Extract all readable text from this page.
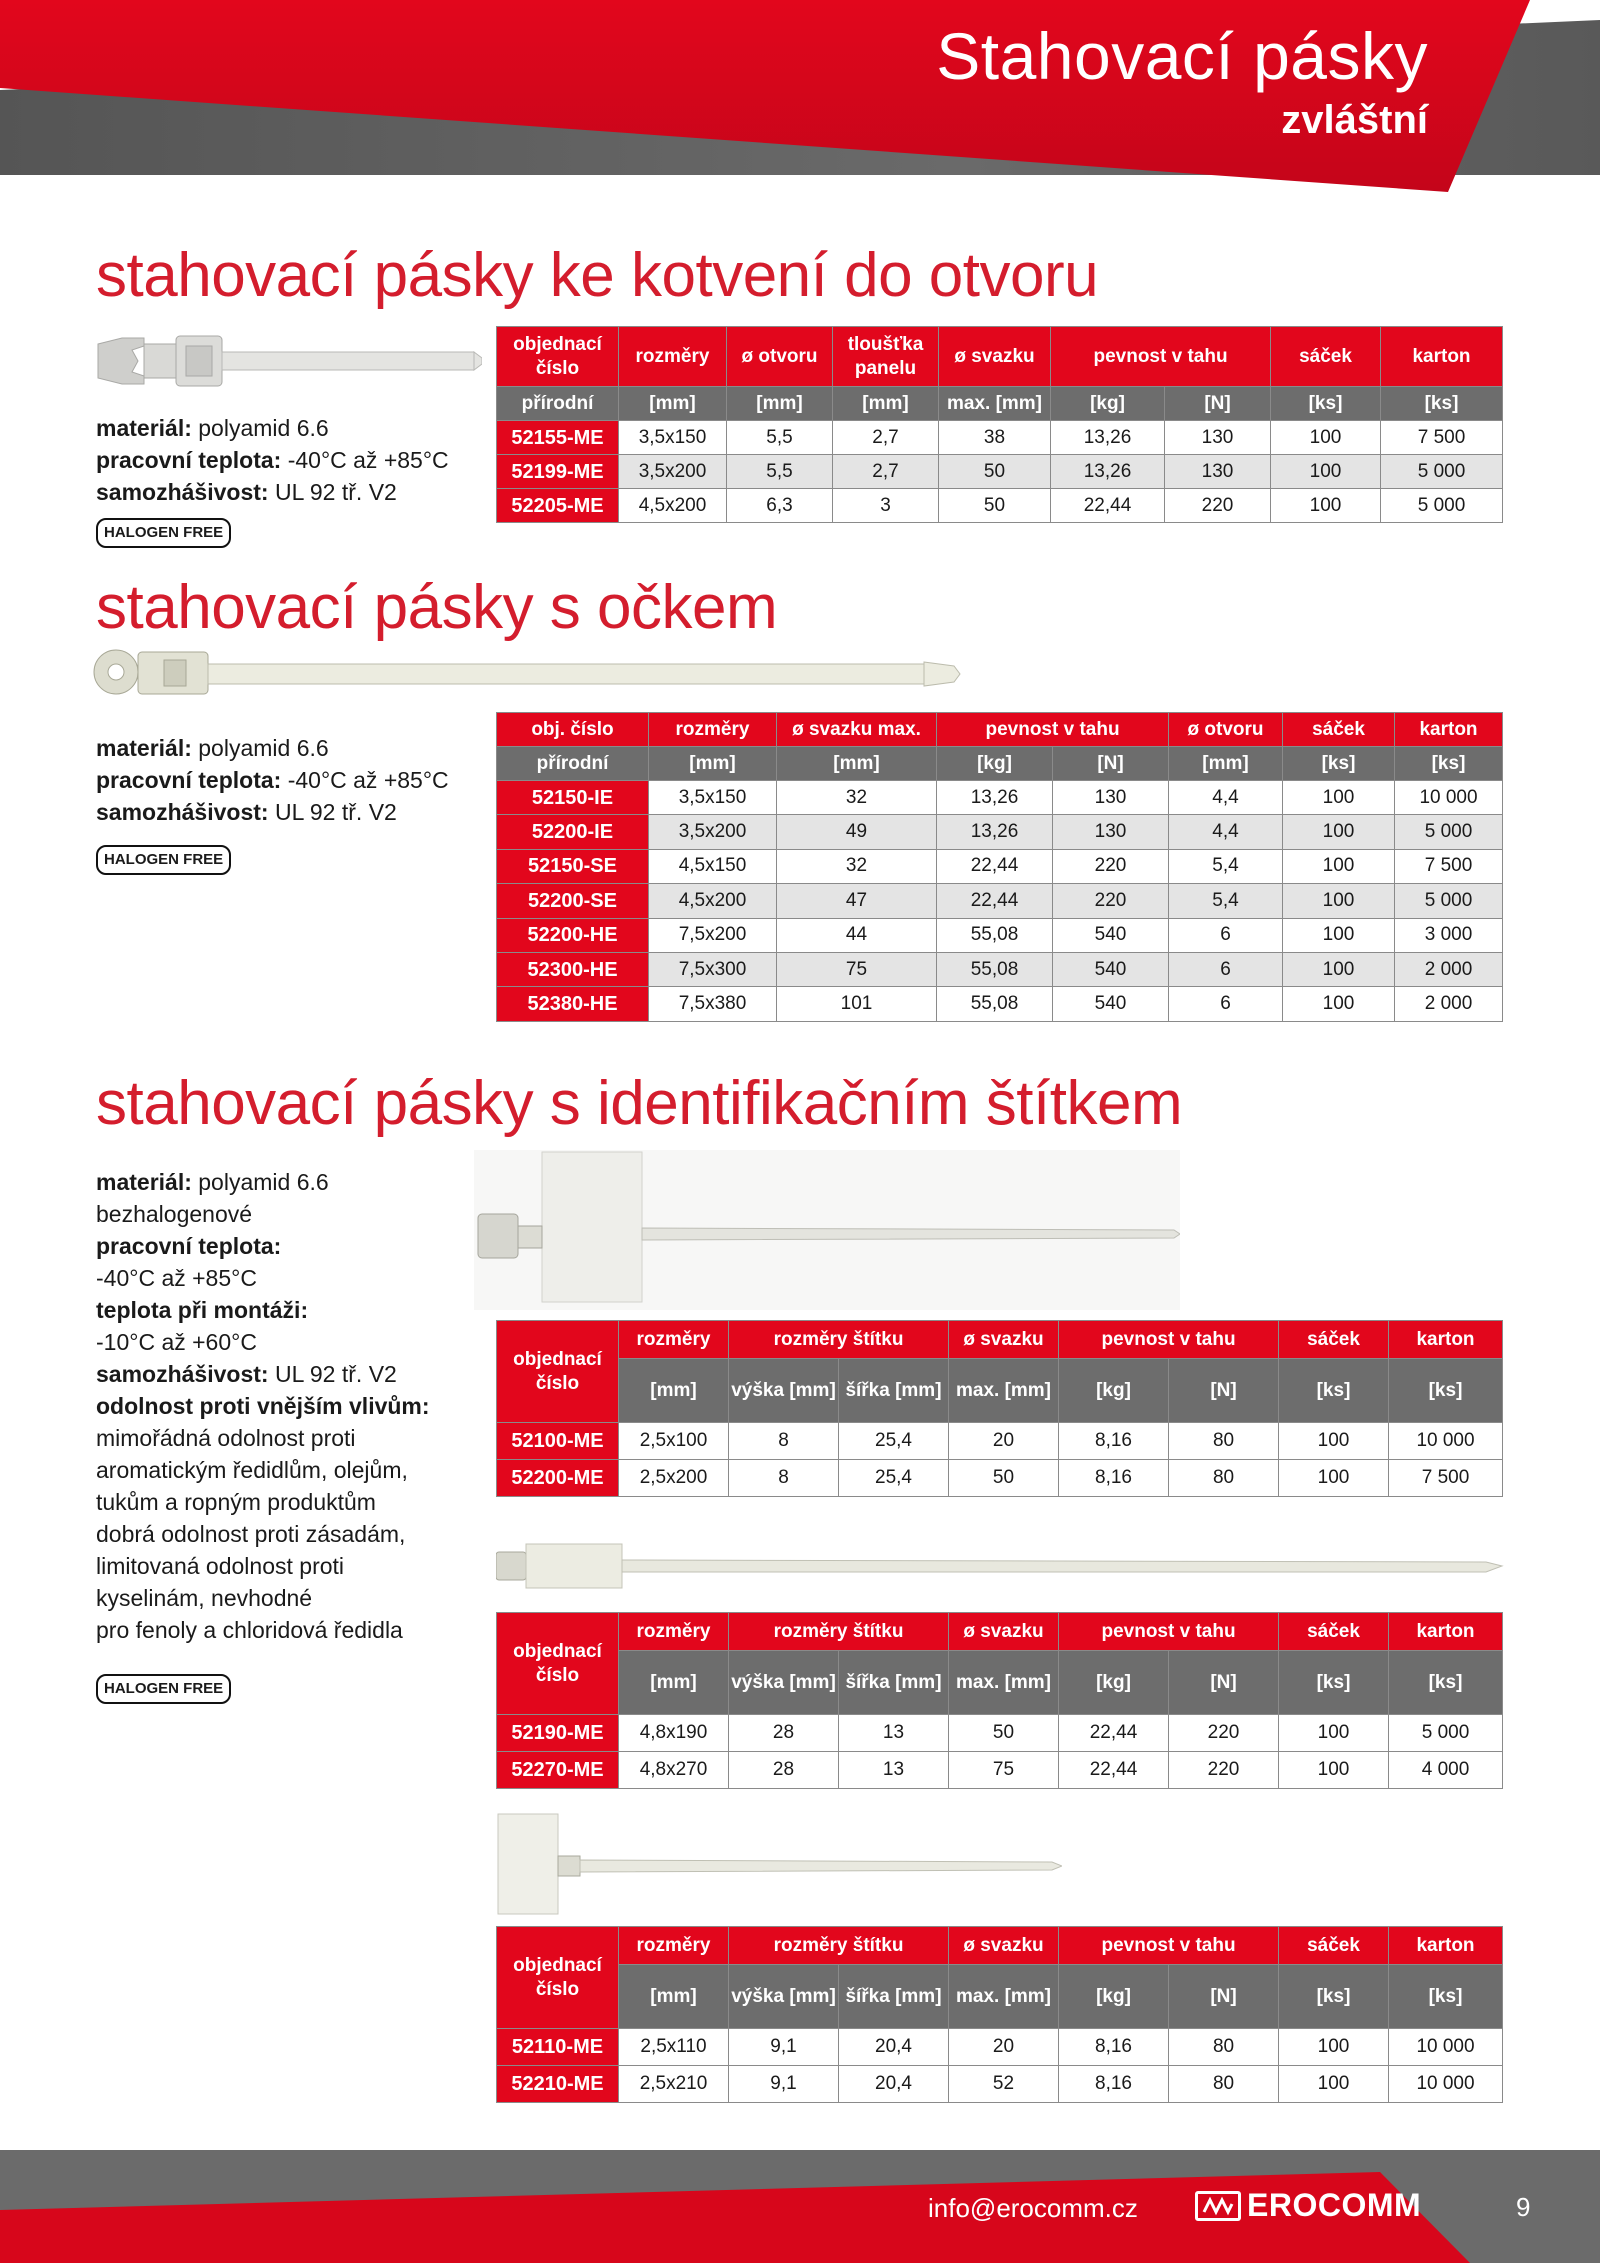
Stahovací pásky
zvláštní
stahovací pásky ke kotvení do otvoru
materiál: polyamid 6.6
pracovní teplota: -40°C až +85°C
samozhášivost: UL 92 tř. V2
HALOGEN FREE
objednací číslo	rozměry	ø otvoru	tloušťka panelu	ø svazku	pevnost v tahu		sáček	karton
přírodní	[mm]	[mm]	[mm]	max. [mm]	[kg]	[N]	[ks]	[ks]
52155-ME	3,5x150	5,5	2,7	38	13,26	130	100	7 500
52199-ME	3,5x200	5,5	2,7	50	13,26	130	100	5 000
52205-ME	4,5x200	6,3	3	50	22,44	220	100	5 000
stahovací pásky s očkem
materiál: polyamid 6.6
pracovní teplota: -40°C až +85°C
samozhášivost: UL 92 tř. V2
HALOGEN FREE
obj. číslo	rozměry	ø svazku max.	pevnost v tahu		ø otvoru	sáček	karton
přírodní	[mm]	[mm]	[kg]	[N]	[mm]	[ks]	[ks]
52150-IE	3,5x150	32	13,26	130	4,4	100	10 000
52200-IE	3,5x200	49	13,26	130	4,4	100	5 000
52150-SE	4,5x150	32	22,44	220	5,4	100	7 500
52200-SE	4,5x200	47	22,44	220	5,4	100	5 000
52200-HE	7,5x200	44	55,08	540	6	100	3 000
52300-HE	7,5x300	75	55,08	540	6	100	2 000
52380-HE	7,5x380	101	55,08	540	6	100	2 000
stahovací pásky s identifikačním štítkem
materiál: polyamid 6.6
bezhalogenové
pracovní teplota:
-40°C až +85°C
teplota při montáži:
-10°C až +60°C
samozhášivost: UL 92 tř. V2
odolnost proti vnějším vlivům:
mimořádná odolnost proti
aromatickým ředidlům, olejům,
tukům a ropným produktům
dobrá odolnost proti zásadám,
limitovaná odolnost proti
kyselinám, nevhodné
pro fenoly a chloridová ředidla
HALOGEN FREE
objednací číslo	rozměry	rozměry štítku		ø svazku	pevnost v tahu		sáček	karton
	[mm]	výška [mm]	šířka [mm]	max. [mm]	[kg]	[N]	[ks]	[ks]
52100-ME	2,5x100	8	25,4	20	8,16	80	100	10 000
52200-ME	2,5x200	8	25,4	50	8,16	80	100	7 500
objednací číslo	rozměry	rozměry štítku		ø svazku	pevnost v tahu		sáček	karton
	[mm]	výška [mm]	šířka [mm]	max. [mm]	[kg]	[N]	[ks]	[ks]
52190-ME	4,8x190	28	13	50	22,44	220	100	5 000
52270-ME	4,8x270	28	13	75	22,44	220	100	4 000
objednací číslo	rozměry	rozměry štítku		ø svazku	pevnost v tahu		sáček	karton
	[mm]	výška [mm]	šířka [mm]	max. [mm]	[kg]	[N]	[ks]	[ks]
52110-ME	2,5x110	9,1	20,4	20	8,16	80	100	10 000
52210-ME	2,5x210	9,1	20,4	52	8,16	80	100	10 000
info@erocomm.cz	EROCOMM	9
